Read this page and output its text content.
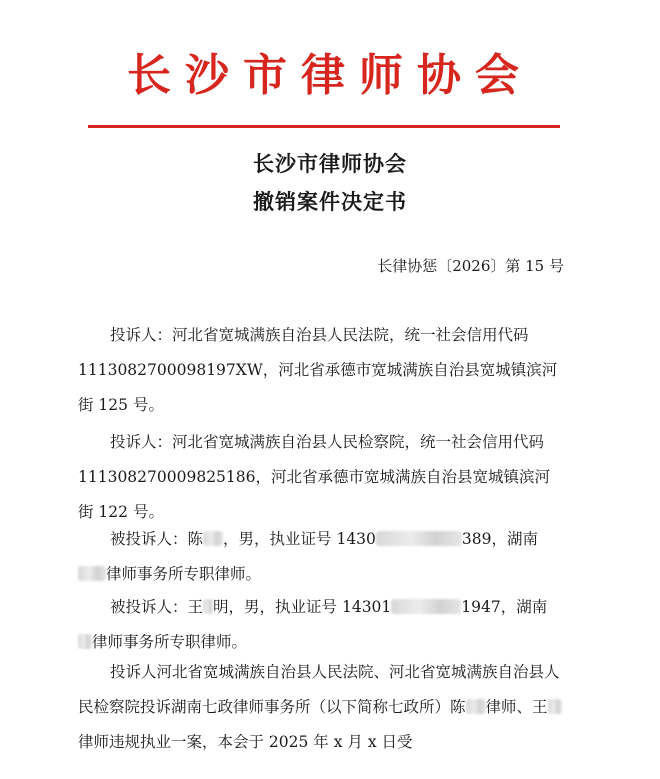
长沙市律师协会
长沙市律师协会
撤销案件决定书
长律协惩〔2026〕第 15 号

投诉人：河北省宽城满族自治县人民法院，统一社会信用代码 1113082700098197XW，河北省承德市宽城满族自治县宽城镇滨河街 125 号。

投诉人：河北省宽城满族自治县人民检察院，统一社会信用代码 111308270009825186，河北省承德市宽城满族自治县宽城镇滨河街 122 号。

被投诉人：陈 ，男，执业证号 1430	389，湖南
律师事务所专职律师。

被投诉人：王 明，男，执业证号 14301	1947，湖南
律师事务所专职律师。

投诉人河北省宽城满族自治县人民法院、河北省宽城满族自治县人民检察院投诉湖南七政律师事务所（以下简称七政所）陈 律师、王律师违规执业一案，本会于 2025 年 x 月 x 日受
